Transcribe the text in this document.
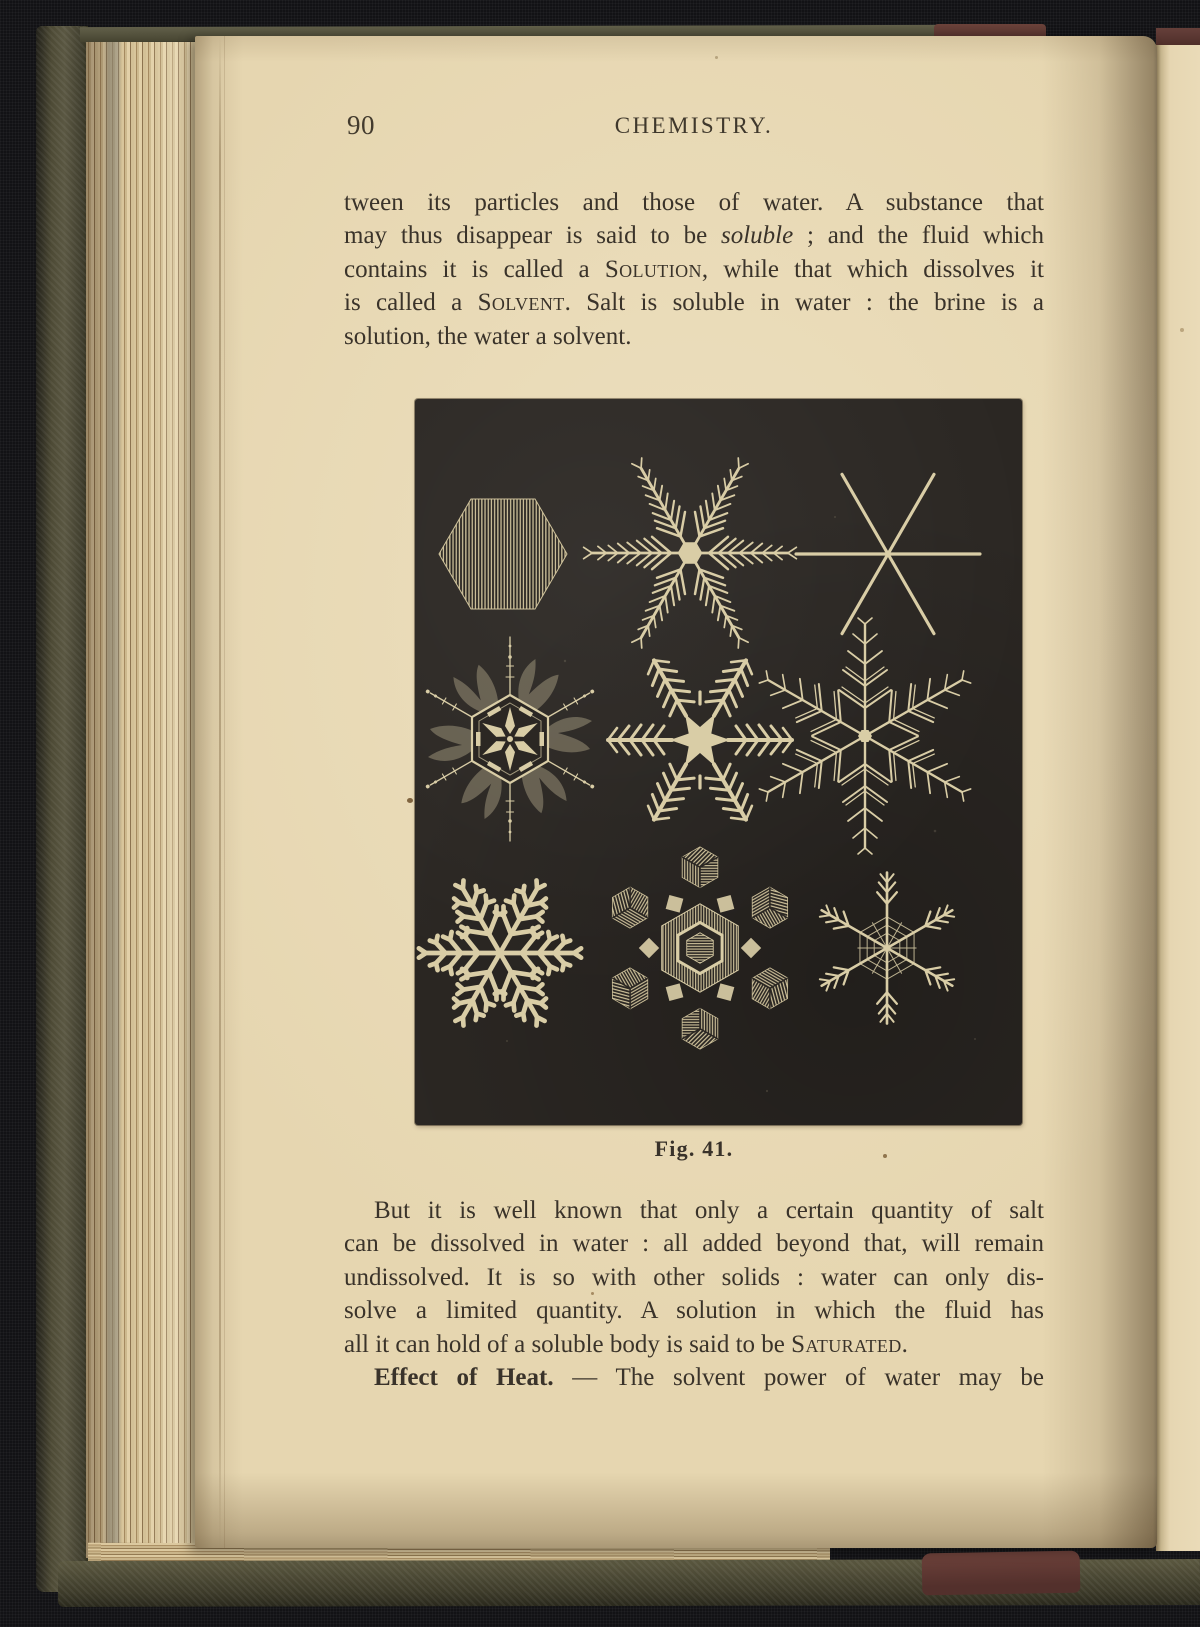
90	CHEMISTRY.
tween its particles and those of water. A substance that
may thus disappear is said to be soluble ; and the fluid which
contains it is called a Solution, while that which dissolves it
is called a Solvent. Salt is soluble in water : the brine is a
solution, the water a solvent.
Fig. 41.
But it is well known that only a certain quantity of salt
can be dissolved in water : all added beyond that, will remain
undissolved. It is so with other solids : water can only dis-
solve a limited quantity. A solution in which the fluid has
all it can hold of a soluble body is said to be Saturated.
Effect of Heat. — The solvent power of water may be
